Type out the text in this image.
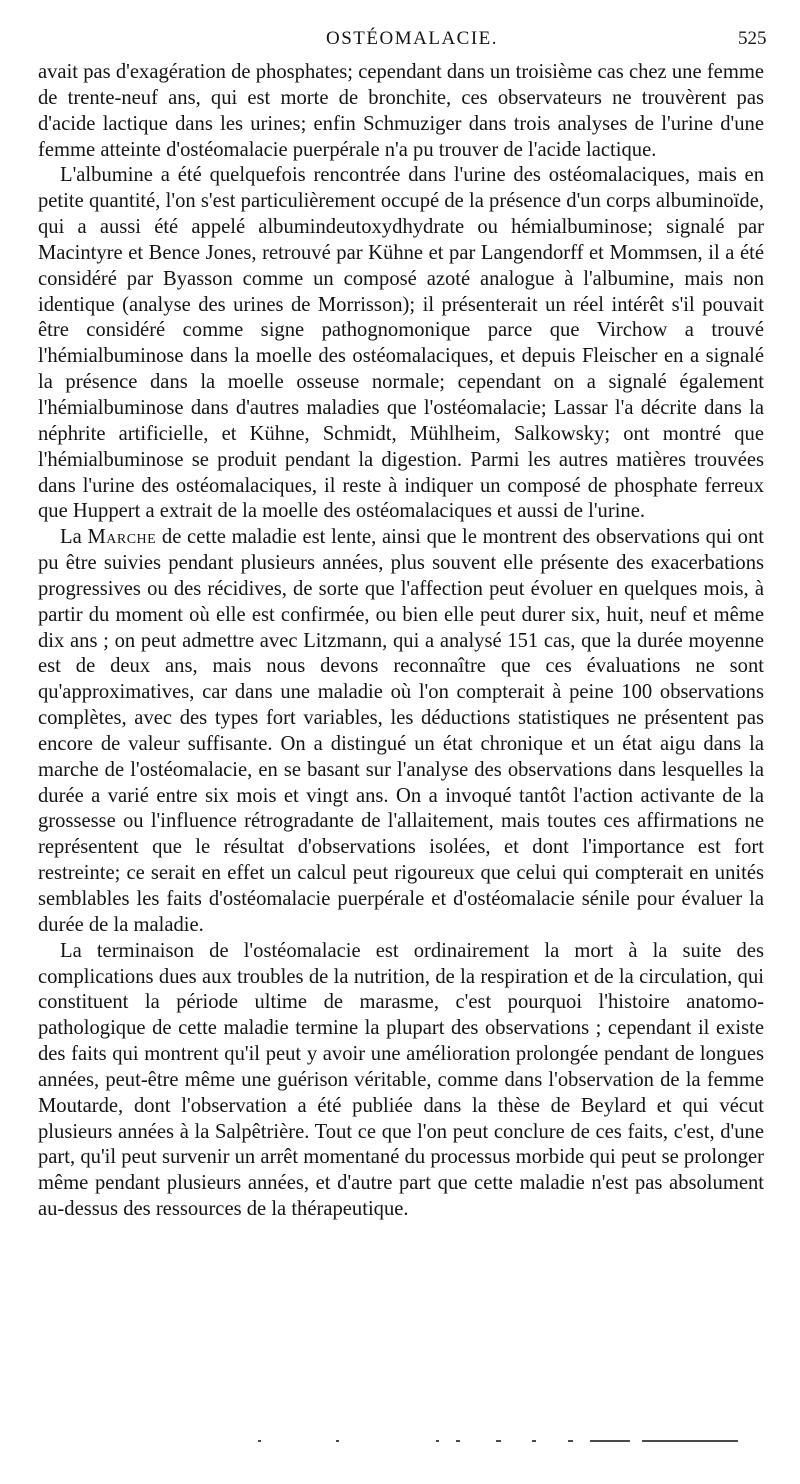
OSTÉOMALACIE.	525

avait pas d'exagération de phosphates; cependant dans un troisième cas chez une femme de trente-neuf ans, qui est morte de bronchite, ces observateurs ne trouvèrent pas d'acide lactique dans les urines; enfin Schmuziger dans trois analyses de l'urine d'une femme atteinte d'ostéomalacie puerpérale n'a pu trouver de l'acide lactique.

L'albumine a été quelquefois rencontrée dans l'urine des ostéomalaciques, mais en petite quantité, l'on s'est particulièrement occupé de la présence d'un corps albuminoïde, qui a aussi été appelé albumindeutoxydhydrate ou hémialbuminose; signalé par Macintyre et Bence Jones, retrouvé par Kühne et par Langendorff et Mommsen, il a été considéré par Byasson comme un composé azoté analogue à l'albumine, mais non identique (analyse des urines de Morrisson); il présenterait un réel intérêt s'il pouvait être considéré comme signe pathognomonique parce que Virchow a trouvé l'hémialbuminose dans la moelle des ostéomalaciques, et depuis Fleischer en a signalé la présence dans la moelle osseuse normale; cependant on a signalé également l'hémialbuminose dans d'autres maladies que l'ostéomalacie; Lassar l'a décrite dans la néphrite artificielle, et Kühne, Schmidt, Mühlheim, Salkowsky; ont montré que l'hémialbuminose se produit pendant la digestion. Parmi les autres matières trouvées dans l'urine des ostéomalaciques, il reste à indiquer un composé de phosphate ferreux que Huppert a extrait de la moelle des ostéomalaciques et aussi de l'urine.

La Marche de cette maladie est lente, ainsi que le montrent des observations qui ont pu être suivies pendant plusieurs années, plus souvent elle présente des exacerbations progressives ou des récidives, de sorte que l'affection peut évoluer en quelques mois, à partir du moment où elle est confirmée, ou bien elle peut durer six, huit, neuf et même dix ans ; on peut admettre avec Litzmann, qui a analysé 151 cas, que la durée moyenne est de deux ans, mais nous devons reconnaître que ces évaluations ne sont qu'approximatives, car dans une maladie où l'on compterait à peine 100 observations complètes, avec des types fort variables, les déductions statistiques ne présentent pas encore de valeur suffisante. On a distingué un état chronique et un état aigu dans la marche de l'ostéomalacie, en se basant sur l'analyse des observations dans lesquelles la durée a varié entre six mois et vingt ans. On a invoqué tantôt l'action activante de la grossesse ou l'influence rétrogradante de l'allaitement, mais toutes ces affirmations ne représentent que le résultat d'observations isolées, et dont l'importance est fort restreinte; ce serait en effet un calcul peut rigoureux que celui qui compterait en unités semblables les faits d'ostéomalacie puerpérale et d'ostéomalacie sénile pour évaluer la durée de la maladie.

La terminaison de l'ostéomalacie est ordinairement la mort à la suite des complications dues aux troubles de la nutrition, de la respiration et de la circulation, qui constituent la période ultime de marasme, c'est pourquoi l'histoire anatomo-pathologique de cette maladie termine la plupart des observations ; cependant il existe des faits qui montrent qu'il peut y avoir une amélioration prolongée pendant de longues années, peut-être même une guérison véritable, comme dans l'observation de la femme Moutarde, dont l'observation a été publiée dans la thèse de Beylard et qui vécut plusieurs années à la Salpêtrière. Tout ce que l'on peut conclure de ces faits, c'est, d'une part, qu'il peut survenir un arrêt momentané du processus morbide qui peut se prolonger même pendant plusieurs années, et d'autre part que cette maladie n'est pas absolument au-dessus des ressources de la thérapeutique.
